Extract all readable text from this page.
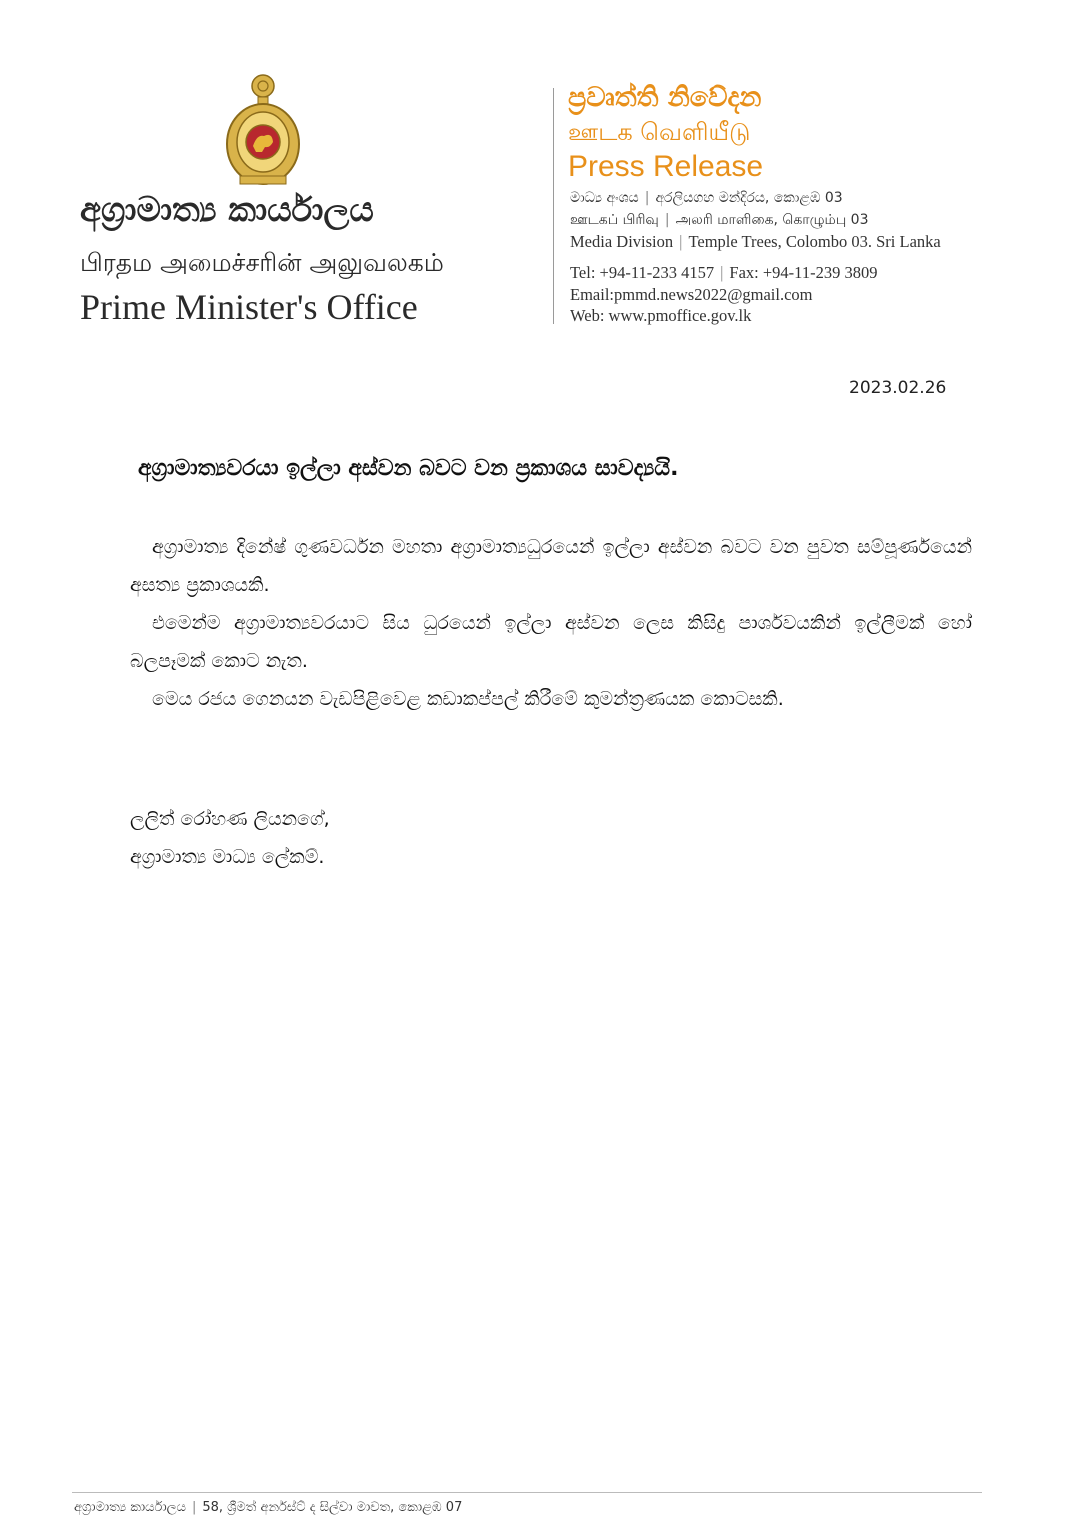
අග්‍රාමාත්‍ය කාර්යාලය
பிரதம அமைச்சரின் அலுவலகம்
Prime Minister's Office
ප්‍රවෘත්ති නිවේදන
ஊடக வெளியீடு
Press Release
මාධ්‍ය අංශය | අරලියගහ මන්දිරය, කොළඹ 03
ஊடகப் பிரிவு | அலரி மாளிகை, கொழும்பு 03
Media Division | Temple Trees, Colombo 03. Sri Lanka
Tel: +94-11-233 4157 | Fax: +94-11-239 3809
Email:pmmd.news2022@gmail.com
Web: www.pmoffice.gov.lk
2023.02.26
අග්‍රාමාත්‍යවරයා ඉල්ලා අස්වන බවට වන ප්‍රකාශය සාවද්‍යයි.

අග්‍රාමාත්‍ය දිනේෂ් ගුණවර්ධන මහතා අග්‍රාමාත්‍යධුරයෙන් ඉල්ලා අස්වන බවට වන පුවත සම්පූර්ණයෙන් අසත්‍ය ප්‍රකාශයකි.

එමෙන්ම අග්‍රාමාත්‍යවරයාට සිය ධුරයෙන් ඉල්ලා අස්වන ලෙස කිසිදු පාර්ශවයකින් ඉල්ලීමක් හෝ බලපෑමක් කොට නැත.

මෙය රජය ගෙනයන වැඩපිළිවෙළ කඩාකප්පල් කිරීමේ කුමන්ත්‍රණයක කොටසකි.

ලලිත් රෝහණ ලියනගේ,
අග්‍රාමාත්‍ය මාධ්‍ය ලේකම්.
අග්‍රාමාත්‍ය කාර්යාලය | 58, ශ්‍රීමත් අර්නස්ට් ද සිල්වා මාවත, කොළඹ 07
